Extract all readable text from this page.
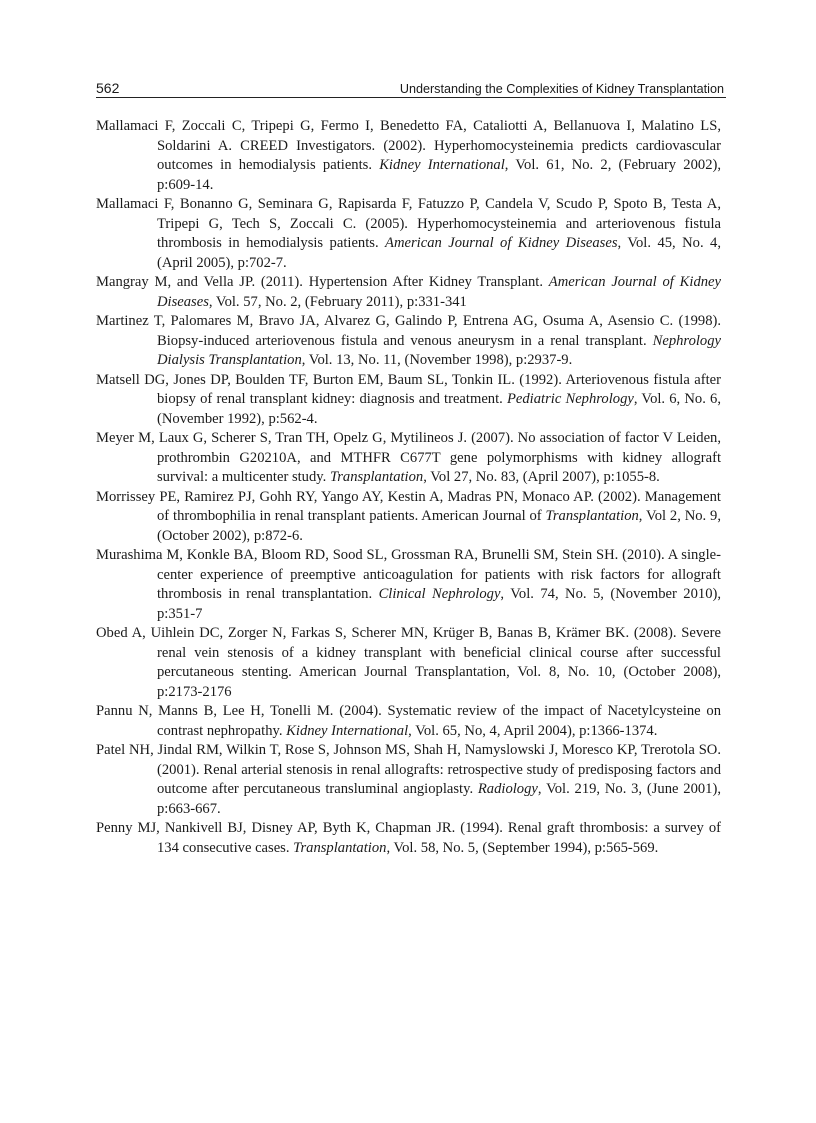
562	Understanding the Complexities of Kidney Transplantation

Mallamaci F, Zoccali C, Tripepi G, Fermo I, Benedetto FA, Cataliotti A, Bellanuova I, Malatino LS, Soldarini A. CREED Investigators. (2002). Hyperhomocysteinemia predicts cardiovascular outcomes in hemodialysis patients. Kidney International, Vol. 61, No. 2, (February 2002), p:609-14.

Mallamaci F, Bonanno G, Seminara G, Rapisarda F, Fatuzzo P, Candela V, Scudo P, Spoto B, Testa A, Tripepi G, Tech S, Zoccali C. (2005). Hyperhomocysteinemia and arteriovenous fistula thrombosis in hemodialysis patients. American Journal of Kidney Diseases, Vol. 45, No. 4, (April 2005), p:702-7.

Mangray M, and Vella JP. (2011). Hypertension After Kidney Transplant. American Journal of Kidney Diseases, Vol. 57, No. 2, (February 2011), p:331-341

Martinez T, Palomares M, Bravo JA, Alvarez G, Galindo P, Entrena AG, Osuma A, Asensio C. (1998). Biopsy-induced arteriovenous fistula and venous aneurysm in a renal transplant. Nephrology Dialysis Transplantation, Vol. 13, No. 11, (November 1998), p:2937-9.

Matsell DG, Jones DP, Boulden TF, Burton EM, Baum SL, Tonkin IL. (1992). Arteriovenous fistula after biopsy of renal transplant kidney: diagnosis and treatment. Pediatric Nephrology, Vol. 6, No. 6, (November 1992), p:562-4.

Meyer M, Laux G, Scherer S, Tran TH, Opelz G, Mytilineos J. (2007). No association of factor V Leiden, prothrombin G20210A, and MTHFR C677T gene polymorphisms with kidney allograft survival: a multicenter study. Transplantation, Vol 27, No. 83, (April 2007), p:1055-8.

Morrissey PE, Ramirez PJ, Gohh RY, Yango AY, Kestin A, Madras PN, Monaco AP. (2002). Management of thrombophilia in renal transplant patients. American Journal of Transplantation, Vol 2, No. 9, (October 2002), p:872-6.

Murashima M, Konkle BA, Bloom RD, Sood SL, Grossman RA, Brunelli SM, Stein SH. (2010). A single-center experience of preemptive anticoagulation for patients with risk factors for allograft thrombosis in renal transplantation. Clinical Nephrology, Vol. 74, No. 5, (November 2010), p:351-7

Obed A, Uihlein DC, Zorger N, Farkas S, Scherer MN, Krüger B, Banas B, Krämer BK. (2008). Severe renal vein stenosis of a kidney transplant with beneficial clinical course after successful percutaneous stenting. American Journal Transplantation, Vol. 8, No. 10, (October 2008), p:2173-2176

Pannu N, Manns B, Lee H, Tonelli M. (2004). Systematic review of the impact of Nacetylcysteine on contrast nephropathy. Kidney International, Vol. 65, No, 4, April 2004), p:1366-1374.

Patel NH, Jindal RM, Wilkin T, Rose S, Johnson MS, Shah H, Namyslowski J, Moresco KP, Trerotola SO. (2001). Renal arterial stenosis in renal allografts: retrospective study of predisposing factors and outcome after percutaneous transluminal angioplasty. Radiology, Vol. 219, No. 3, (June 2001), p:663-667.

Penny MJ, Nankivell BJ, Disney AP, Byth K, Chapman JR. (1994). Renal graft thrombosis: a survey of 134 consecutive cases. Transplantation, Vol. 58, No. 5, (September 1994), p:565-569.
